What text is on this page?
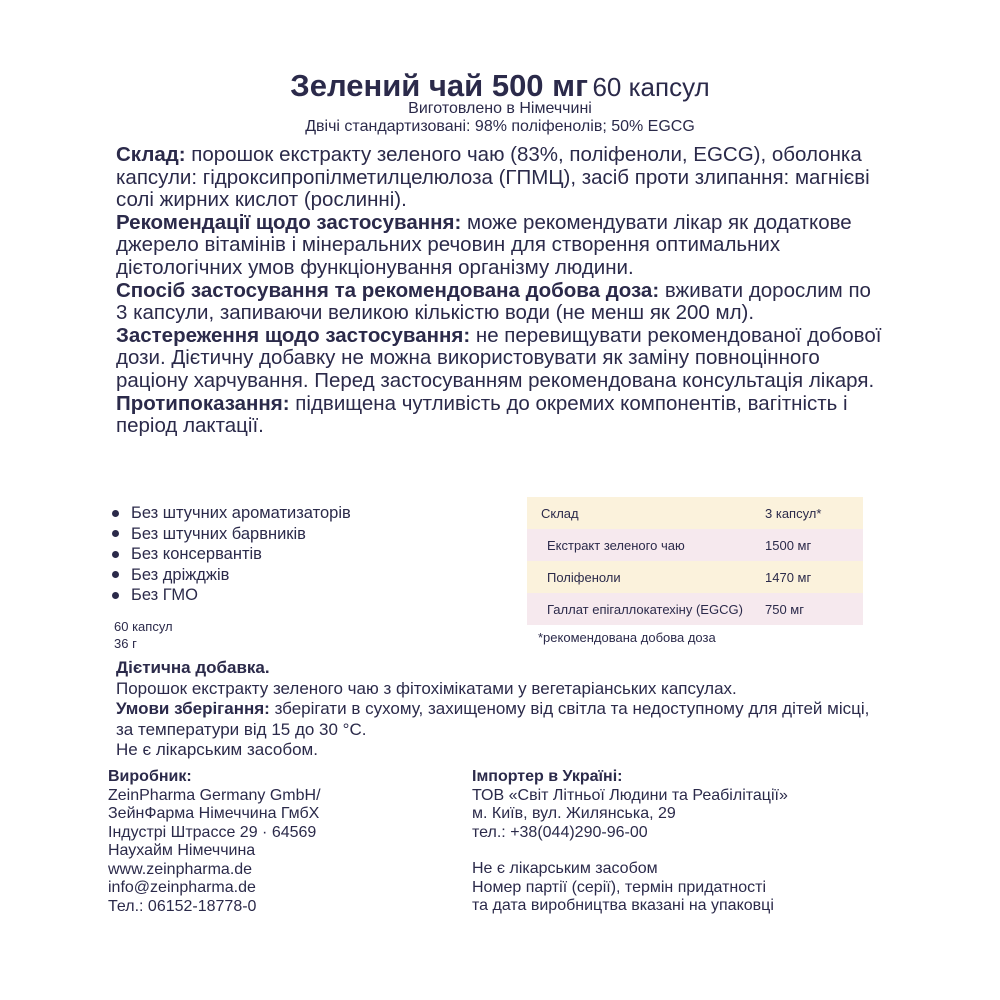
Зелений чай 500 мг 60 капсул
Виготовлено в Німеччині
Двічі стандартизовані: 98% поліфенолів; 50% EGCG

Склад: порошок екстракту зеленого чаю (83%, поліфеноли, EGCG), оболонка капсули: гідроксипропілметилцелюлоза (ГПМЦ), засіб проти злипання: магнієві солі жирних кислот (рослинні).

Рекомендації щодо застосування: може рекомендувати лікар як додаткове джерело вітамінів і мінеральних речовин для створення оптимальних дієтологічних умов функціонування організму людини.

Спосіб застосування та рекомендована добова доза: вживати дорослим по 3 капсули, запиваючи великою кількістю води (не менш як 200 мл).

Застереження щодо застосування: не перевищувати рекомендованої добової дози. Дієтичну добавку не можна використовувати як заміну повноцінного раціону харчування. Перед застосуванням рекомендована консультація лікаря.

Протипоказання: підвищена чутливість до окремих компонентів, вагітність і період лактації.

Без штучних ароматизаторів
Без штучних барвників
Без консервантів
Без дріжджів
Без ГМО
60 капсул
36 г
Склад	3 капсул*
Екстракт зеленого чаю	1500 мг
Поліфеноли	1470 мг
Галлат епігаллокатехіну (EGCG)	750 мг
*рекомендована добова доза

Дієтична добавка.

Порошок екстракту зеленого чаю з фітохімікатами у вегетаріанських капсулах.

Умови зберігання: зберігати в сухому, захищеному від світла та недоступному для дітей місці, за температури від 15 до 30 °С.

Не є лікарським засобом.

Виробник:

ZeinPharma Germany GmbH/

ЗейнФарма Німеччина ГмбХ

Індустрі Штрассе 29 · 64569

Наухайм Німеччина

www.zeinpharma.de

info@zeinpharma.de

Тел.: 06152-18778-0

Імпортер в Україні:

ТОВ «Світ Літньої Людини та Реабілітації»

м. Київ, вул. Жилянська, 29

тел.: +38(044)290-96-00

Не є лікарським засобом

Номер партії (серії), термін придатності

та дата виробництва вказані на упаковці
